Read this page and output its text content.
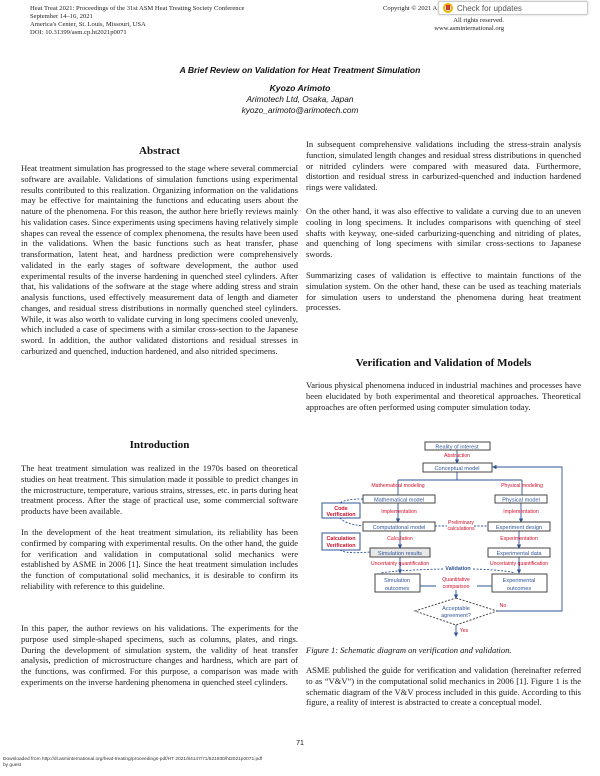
Heat Treat 2021: Proceedings of the 31st ASM Heat Treating Society Conference
September 14–16, 2021
America's Center, St. Louis, Missouri, USA
DOI: 10.31399/asm.cp.ht2021p0071
Copyright © 2021 A
All rights reserved.
www.asminternational.org
Check for updates
A Brief Review on Validation for Heat Treatment Simulation
Kyozo Arimoto
Arimotech Ltd, Osaka, Japan
kyozo_arimoto@arimotech.com
Abstract
Heat treatment simulation has progressed to the stage where several commercial software are available. Validations of simulation functions using experimental results contributed to this realization. Organizing information on the validations may be effective for maintaining the functions and educating users about the nature of the phenomena. For this reason, the author here briefly reviews mainly his validation cases. Since experiments using specimens having relatively simple shapes can reveal the essence of complex phenomena, the results have been used in the validations. When the basic functions such as heat transfer, phase transformation, latent heat, and hardness prediction were comprehensively validated in the early stages of software development, the author used experimental results of the inverse hardening in quenched steel cylinders. After that, his validations of the software at the stage where adding stress and strain analysis functions, used effectively measurement data of length and diameter changes, and residual stress distributions in normally quenched steel cylinders. While, it was also worth to validate curving in long specimens cooled unevenly, which included a case of specimens with a similar cross-section to the Japanese sword. In addition, the author validated distortions and residual stresses in carburized and quenched, induction hardened, and also nitrided specimens.
Introduction
The heat treatment simulation was realized in the 1970s based on theoretical studies on heat treatment. This simulation made it possible to predict changes in the microstructure, temperature, various strains, stresses, etc. in parts during heat treatment process. After the stage of practical use, some commercial software products have been available.
In the development of the heat treatment simulation, its reliability has been confirmed by comparing with experimental results. On the other hand, the guide for verification and validation in computational solid mechanics were established by ASME in 2006 [1]. Since the heat treatment simulation includes the function of computational solid mechanics, it is desirable to confirm its reliability with reference to this guideline.
In this paper, the author reviews on his validations. The experiments for the purpose used simple-shaped specimens, such as columns, plates, and rings. During the development of simulation system, the validity of heat transfer analysis, prediction of microstructure changes and hardness, which are part of the functions, was confirmed. For this purpose, a comparison was made with experiments on the inverse hardening phenomena in quenched steel cylinders.
In subsequent comprehensive validations including the stress-strain analysis function, simulated length changes and residual stress distributions in quenched or nitrided cylinders were compared with measured data. Furthermore, distortion and residual stress in carburized-quenched and induction hardened rings were validated.
On the other hand, it was also effective to validate a curving due to an uneven cooling in long specimens. It includes comparisons with quenching of steel shafts with keyway, one-sided carburizing-quenching and nitriding of plates, and quenching of long specimens with similar cross-sections to Japanese swords.
Summarizing cases of validation is effective to maintain functions of the simulation system. On the other hand, these can be used as teaching materials for simulation users to understand the phenomena during heat treatment processes.
Verification and Validation of Models
Various physical phenomena induced in industrial machines and processes have been elucidated by both experimental and theoretical approaches. Theoretical approaches are often performed using computer simulation today.
Reality of interest
Conceptual model
Mathematical model	Physical model
Computational model	Experiment design
Simulation results	Experimental data
Simulation
outcomes
Experimental
outcomes
Acceptable
agreement?
Code
Verification
Calculation
Verification
Validation
Abstraction
Mathematical modeling	Physical modeling
Implementation	Implementation
Preliminary
calculations
Calculation	Experimentation
Uncertainty quantification	Uncertainty quantification
Quantitative
comparison
No
Yes
Figure 1: Schematic diagram on verification and validation.
ASME published the guide for verification and validation (hereinafter referred to as “V&V”) in the computational solid mechanics in 2006 [1]. Figure 1 is the schematic diagram of the V&V process included in this guide. According to this figure, a reality of interest is abstracted to create a conceptual model.
71
Downloaded from http://dl.asminternational.org/heat-treating/proceedings-pdf/HT 2021/84147/71/521930/ht2021p0071.pdf
by guest
